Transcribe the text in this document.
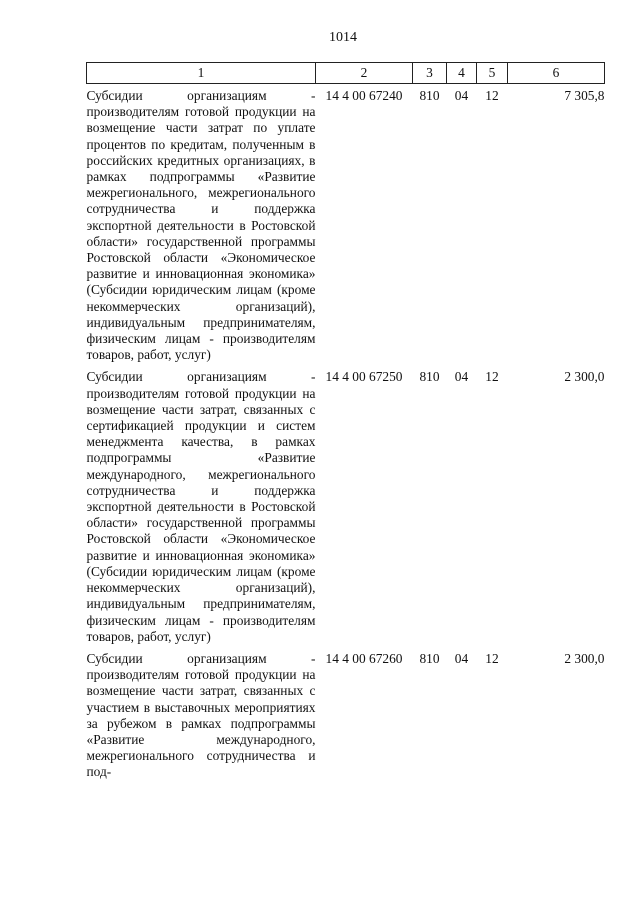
1014
1	2	3	4	5	6
Субсидии организациям - производителям готовой продукции на возмещение части затрат по уплате процентов по кредитам, полученным в российских кредитных организациях, в рамках подпрограммы «Развитие межрегионального, межрегионального сотрудничества и поддержка экспортной деятельности в Ростовской области» государственной программы Ростовской области «Экономическое развитие и инновационная экономика» (Субсидии юридическим лицам (кроме некоммерческих организаций), индивидуальным предпринимателям, физическим лицам - производителям товаров, работ, услуг)	14 4 00 67240	810	04	12	7 305,8
Субсидии организациям - производителям готовой продукции на возмещение части затрат, связанных с сертификацией продукции и систем менеджмента качества, в рамках подпрограммы «Развитие международного, межрегионального сотрудничества и поддержка экспортной деятельности в Ростовской области» государственной программы Ростовской области «Экономическое развитие и инновационная экономика» (Субсидии юридическим лицам (кроме некоммерческих организаций), индивидуальным предпринимателям, физическим лицам - производителям товаров, работ, услуг)	14 4 00 67250	810	04	12	2 300,0
Субсидии организациям - производителям готовой продукции на возмещение части затрат, связанных с участием в выставочных мероприятиях за рубежом в рамках подпрограммы «Развитие международного, межрегионального сотрудничества и под-	14 4 00 67260	810	04	12	2 300,0
